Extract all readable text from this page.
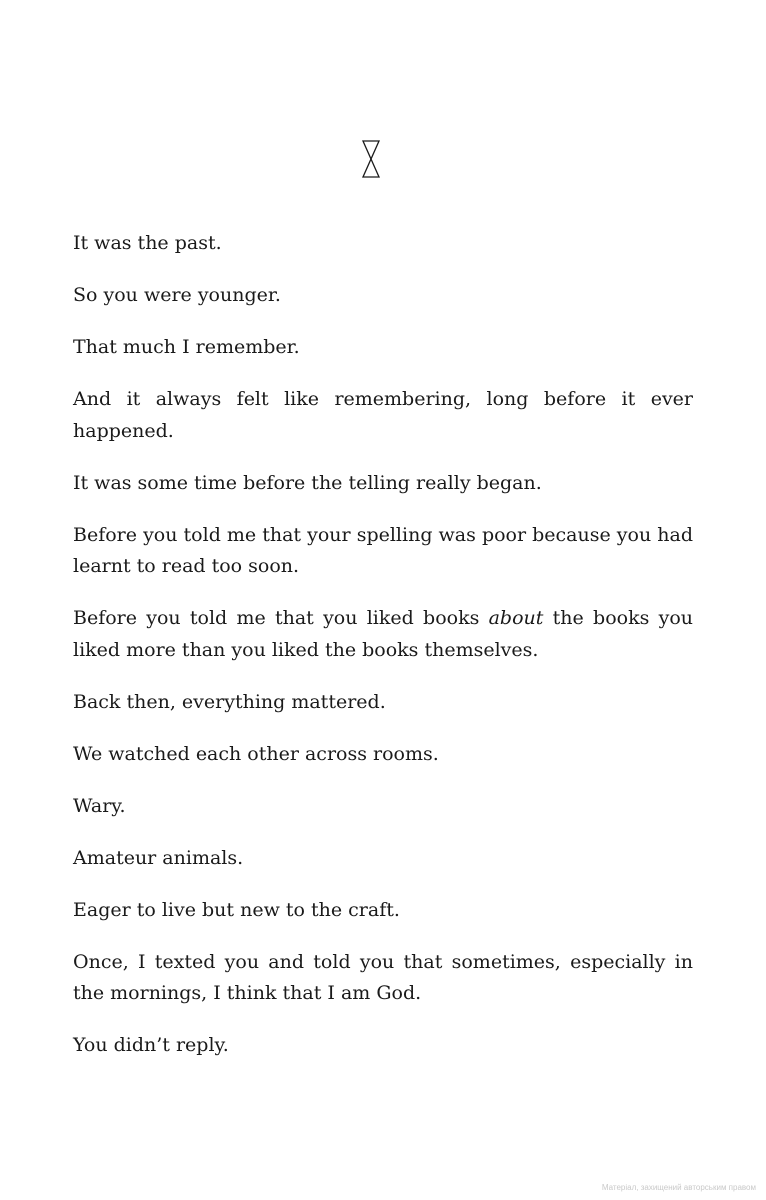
It was the past.

So you were younger.

That much I remember.

And it always felt like remembering, long before it ever happened.

It was some time before the telling really began.

Before you told me that your spelling was poor because you had learnt to read too soon.

Before you told me that you liked books about the books you liked more than you liked the books themselves.

Back then, everything mattered.

We watched each other across rooms.

Wary.

Amateur animals.

Eager to live but new to the craft.

Once, I texted you and told you that sometimes, especially in the mornings, I think that I am God.

You didn’t reply.

Матеріал, захищений авторським правом
